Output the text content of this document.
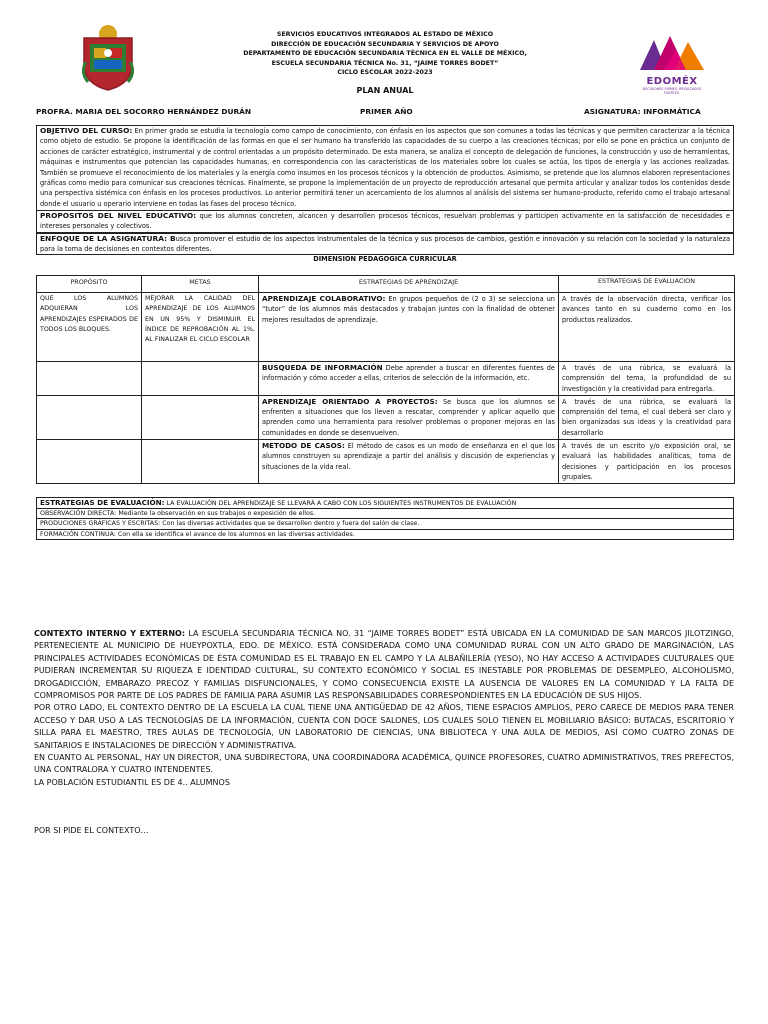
SERVICIOS EDUCATIVOS INTEGRADOS AL ESTADO DE MÉXICO
DIRECCIÓN DE EDUCACIÓN SECUNDARIA Y SERVICIOS DE APOYO
DEPARTAMENTO DE EDUCACIÓN SECUNDARIA TÉCNICA EN EL VALLE DE MÉXICO,
ESCUELA SECUNDARIA TÉCNICA No. 31, “JAIME TORRES BODET”
CICLO ESCOLAR 2022-2023
PLAN ANUAL
EDOMÉX
DECISIONES FIRMES, RESULTADOS FUERTES.
PROFRA. MARIA DEL SOCORRO HERNÁNDEZ DURÁN	PRIMER AÑO	ASIGNATURA: INFORMÁTICA
OBJETIVO DEL CURSO: En primer grado se estudia la tecnología como campo de conocimiento, con énfasis en los aspectos que son comunes a todas las técnicas y que permiten caracterizar a la técnica como objeto de estudio. Se propone la identificación de las formas en que el ser humano ha transferido las capacidades de su cuerpo a las creaciones técnicas; por ello se pone en práctica un conjunto de acciones de carácter estratégico, instrumental y de control orientadas a un propósito determinado. De esta manera, se analiza el concepto de delegación de funciones, la construcción y uso de herramientas, máquinas e instrumentos que potencian las capacidades humanas, en correspondencia con las características de los materiales sobre los cuales se actúa, los tipos de energía y las acciones realizadas. También se promueve el reconocimiento de los materiales y la energía como insumos en los procesos técnicos y la obtención de productos. Asimismo, se pretende que los alumnos elaboren representaciones gráficas como medio para comunicar sus creaciones técnicas. Finalmente, se propone la implementación de un proyecto de reproducción artesanal que permita articular y analizar todos los contenidos desde una perspectiva sistémica con énfasis en los procesos productivos. Lo anterior permitirá tener un acercamiento de los alumnos al análisis del sistema ser humano-producto, referido como el trabajo artesanal donde el usuario u operario interviene en todas las fases del proceso técnico.
PROPOSITOS DEL NIVEL EDUCATIVO: que los alumnos concreten, alcancen y desarrollen procesos técnicos, resuelvan problemas y participen activamente en la satisfacción de necesidades e intereses personales y colectivos.
ENFOQUE DE LA ASIGNATURA: Busca promover el estudio de los aspectos instrumentales de la técnica y sus procesos de cambios, gestión e innovación y su relación con la sociedad y la naturaleza para la toma de decisiones en contextos diferentes.
DIMENSION PEDAGOGICA CURRICULAR
PROPÓSITO	METAS	ESTRATEGIAS DE APRENDIZAJE	ESTRATEGIAS DE EVALUACION
QUE LOS ALUMNOS ADQUIERAN LOS APRENDIZAJES ESPERADOS DE TODOS LOS BLOQUES.	MEJORAR LA CALIDAD DEL APRENDIZAJE DE LOS ALUMNOS EN UN 95% Y DISMINUIR EL ÍNDICE DE REPROBACIÓN AL 1%, AL FINALIZAR EL CICLO ESCOLAR	APRENDIZAJE COLABORATIVO: En grupos pequeños de (2 o 3) se selecciona un “tutor” de los alumnos más destacados y trabajan juntos con la finalidad de obtener mejores resultados de aprendizaje.	A través de la observación directa, verificar los avances tanto en su cuaderno como en los productos realizados.
		BUSQUEDA DE INFORMACIÓN Debe aprender a buscar en diferentes fuentes de información y cómo acceder a ellas, criterios de selección de la información, etc.	A través de una rúbrica, se evaluará la comprensión del tema, la profundidad de su investigación y la creatividad para entregarla.
		APRENDIZAJE ORIENTADO A PROYECTOS: Se busca que los alumnos se enfrenten a situaciones que los lleven a rescatar, comprender y aplicar aquello que aprenden como una herramienta para resolver problemas o proponer mejoras en las comunidades en donde se desenvuelven.	A través de una rúbrica, se evaluará la comprensión del tema, el cual deberá ser claro y bien organizadas sus ideas y la creatividad para desarrollarlo
		METODO DE CASOS: El método de casos es un modo de enseñanza en el que los alumnos construyen su aprendizaje a partir del análisis y discusión de experiencias y situaciones de la vida real.	A través de un escrito y/o exposición oral, se evaluará las habilidades analíticas, toma de decisiones y participación en los procesos grupales.
ESTRATEGIAS DE EVALUACIÓN: LA EVALUACIÓN DEL APRENDIZAJE SE LLEVARÁ A CABO CON LOS SIGUIENTES INSTRUMENTOS DE EVALUACIÓN
OBSERVACIÓN DIRECTA: Mediante la observación en sus trabajos o exposición de ellos.
PRODUCIONES GRÁFICAS Y ESCRITAS: Con las diversas actividades que se desarrollen dentro y fuera del salón de clase.
FORMACIÓN CONTINUA: Con ella se identifica el avance de los alumnos en las diversas actividades.
CONTEXTO INTERNO Y EXTERNO: LA ESCUELA SECUNDARIA TÉCNICA NO. 31 “JAIME TORRES BODET” ESTÁ UBICADA EN LA COMUNIDAD DE SAN MARCOS JILOTZINGO, PERTENECIENTE AL MUNICIPIO DE HUEYPOXTLA, EDO. DE MÉXICO. ESTÁ CONSIDERADA COMO UNA COMUNIDAD RURAL CON UN ALTO GRADO DE MARGINACIÓN, LAS PRINCIPALES ACTIVIDADES ECONÓMICAS DE ÉSTA COMUNIDAD ES EL TRABAJO EN EL CAMPO Y LA ALBAÑILERÍA (YESO), NO HAY ACCESO A ACTIVIDADES CULTURALES QUE PUDIERAN INCREMENTAR SU RIQUEZA E IDENTIDAD CULTURAL, SU CONTEXTO ECONÓMICO Y SOCIAL ES INESTABLE POR PROBLEMAS DE DESEMPLEO, ALCOHOLISMO, DROGADICCIÓN, EMBARAZO PRECOZ Y FAMILIAS DISFUNCIONALES, Y COMO CONSECUENCIA EXISTE LA AUSENCIA DE VALORES EN LA COMUNIDAD Y LA FALTA DE COMPROMISOS POR PARTE DE LOS PADRES DE FAMILIA PARA ASUMIR LAS RESPONSABILIDADES CORRESPONDIENTES EN LA EDUCACIÓN DE SUS HIJOS.
POR OTRO LADO, EL CONTEXTO DENTRO DE LA ESCUELA LA CUAL TIENE UNA ANTIGÜEDAD DE 42 AÑOS, TIENE ESPACIOS AMPLIOS, PERO CARECE DE MEDIOS PARA TENER ACCESO Y DAR USO A LAS TECNOLOGÍAS DE LA INFORMACIÓN, CUENTA CON DOCE SALONES, LOS CUALES SOLO TIENEN EL MOBILIARIO BÁSICO: BUTACAS, ESCRITORIO Y SILLA PARA EL MAESTRO, TRES AULAS DE TECNOLOGÍA, UN LABORATORIO DE CIENCIAS, UNA BIBLIOTECA Y UNA AULA DE MEDIOS, ASÍ COMO CUATRO ZONAS DE SANITARIOS E INSTALACIONES DE DIRECCIÓN Y ADMINISTRATIVA.
EN CUANTO AL PERSONAL, HAY UN DIRECTOR, UNA SUBDIRECTORA, UNA COORDINADORA ACADÉMICA, QUINCE PROFESORES, CUATRO ADMINISTRATIVOS, TRES PREFECTOS, UNA CONTRALORA Y CUATRO INTENDENTES.
LA POBLACIÓN ESTUDIANTIL ES DE 4.. ALUMNOS
POR SI PIDE EL CONTEXTO…
